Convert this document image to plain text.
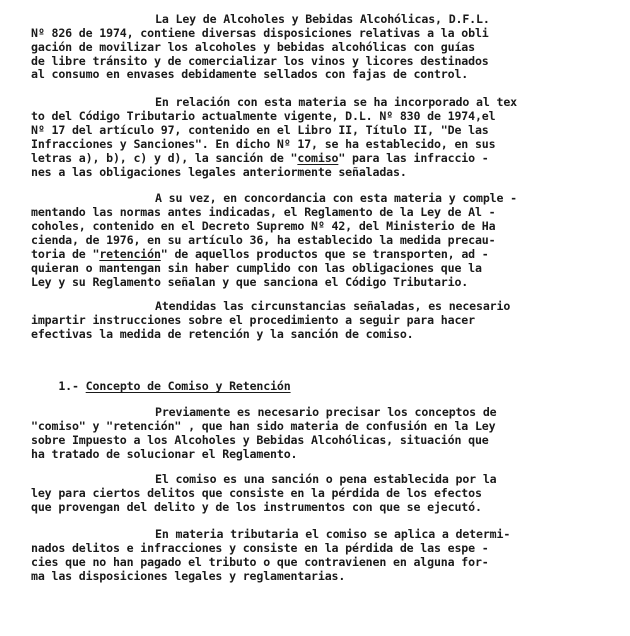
La Ley de Alcoholes y Bebidas Alcohólicas, D.F.L.
Nº 826 de 1974, contiene diversas disposiciones relativas a la obli
gación de movilizar los alcoholes y bebidas alcohólicas con guías
de libre tránsito y de comercializar los vinos y licores destinados
al consumo en envases debidamente sellados con fajas de control.
En relación con esta materia se ha incorporado al tex
to del Código Tributario actualmente vigente, D.L. Nº 830 de 1974,el
Nº 17 del artículo 97, contenido en el Libro II, Título II, "De las
Infracciones y Sanciones". En dicho Nº 17, se ha establecido, en sus
letras a), b), c) y d), la sanción de "comiso" para las infraccio -
nes a las obligaciones legales anteriormente señaladas.
A su vez, en concordancia con esta materia y comple -
mentando las normas antes indicadas, el Reglamento de la Ley de Al -
coholes, contenido en el Decreto Supremo Nº 42, del Ministerio de Ha
cienda, de 1976, en su artículo 36, ha establecido la medida precau-
toria de "retención" de aquellos productos que se transporten, ad -
quieran o mantengan sin haber cumplido con las obligaciones que la
Ley y su Reglamento señalan y que sanciona el Código Tributario.
Atendidas las circunstancias señaladas, es necesario
impartir instrucciones sobre el procedimiento a seguir para hacer
efectivas la medida de retención y la sanción de comiso.

1.- Concepto de Comiso y Retención

Previamente es necesario precisar los conceptos de
"comiso" y "retención" , que han sido materia de confusión en la Ley
sobre Impuesto a los Alcoholes y Bebidas Alcohólicas, situación que
ha tratado de solucionar el Reglamento.
El comiso es una sanción o pena establecida por la
ley para ciertos delitos que consiste en la pérdida de los efectos
que provengan del delito y de los instrumentos con que se ejecutó.
En materia tributaria el comiso se aplica a determi-
nados delitos e infracciones y consiste en la pérdida de las espe -
cies que no han pagado el tributo o que contravienen en alguna for-
ma las disposiciones legales y reglamentarias.
